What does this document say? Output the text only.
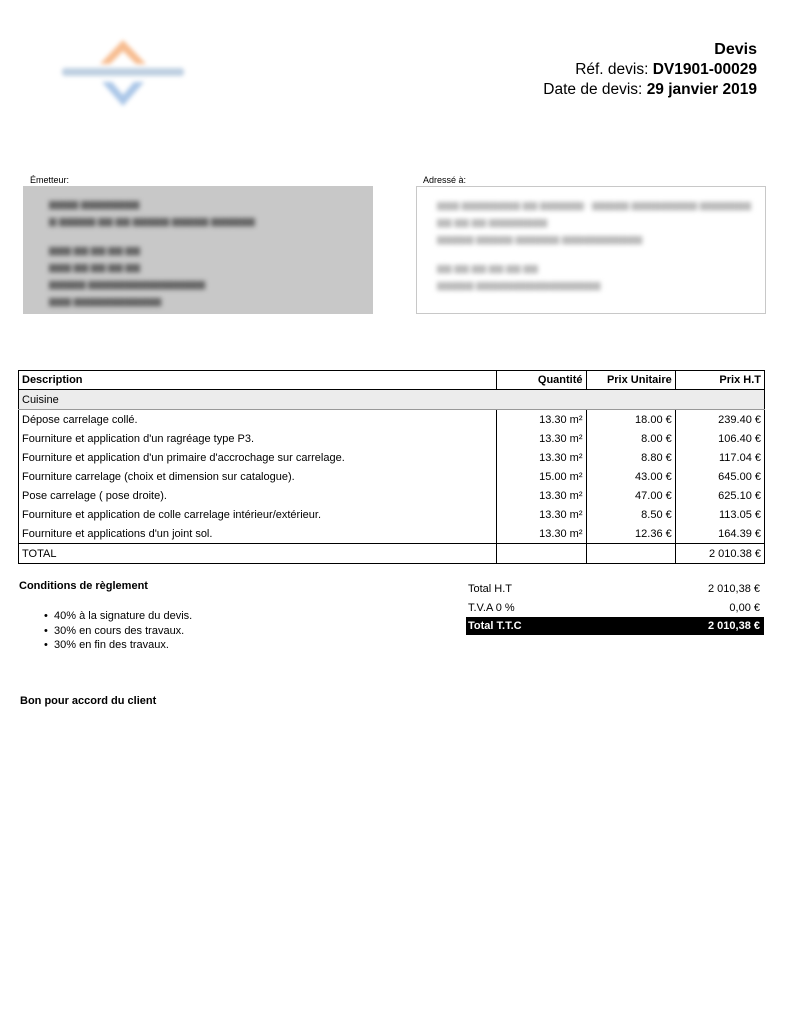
Devis
Réf. devis: DV1901-00029
Date de devis: 29 janvier 2019
Émetteur:
▆▆▆▆ ▆▆▆▆▆▆▆▆
▆ ▆▆▆▆▆ ▆▆ ▆▆ ▆▆▆▆▆ ▆▆▆▆▆ ▆▆▆▆▆▆
▆▆▆ ▆▆ ▆▆ ▆▆ ▆▆
▆▆▆ ▆▆ ▆▆ ▆▆ ▆▆
▆▆▆▆▆ ▆▆▆▆▆▆▆▆▆▆▆▆▆▆▆▆
▆▆▆ ▆▆▆▆▆▆▆▆▆▆▆▆
Adressé à:
▆▆▆ ▆▆▆▆▆▆▆▆ ▆▆ ▆▆▆▆▆▆ - ▆▆▆▆▆ ▆▆▆▆▆▆▆▆▆ ▆▆▆▆▆▆▆
▆▆ ▆▆ ▆▆ ▆▆▆▆▆▆▆▆
▆▆▆▆▆ ▆▆▆▆▆ ▆▆▆▆▆▆ ▆▆▆▆▆▆▆▆▆▆▆
▆▆ ▆▆ ▆▆ ▆▆ ▆▆ ▆▆
▆▆▆▆▆ ▆▆▆▆▆▆▆▆▆▆▆▆▆▆▆▆▆
Description	Quantité	Prix Unitaire	Prix H.T
Cuisine			
Dépose carrelage collé.	13.30 m²	18.00 €	239.40 €
Fourniture et application d'un ragréage type P3.	13.30 m²	8.00 €	106.40 €
Fourniture et application d'un primaire d'accrochage sur carrelage.	13.30 m²	8.80 €	117.04 €
Fourniture carrelage (choix et dimension sur catalogue).	15.00 m²	43.00 €	645.00 €
Pose carrelage ( pose droite).	13.30 m²	47.00 €	625.10 €
Fourniture et application de colle carrelage intérieur/extérieur.	13.30 m²	8.50 €	113.05 €
Fourniture et applications d'un joint sol.	13.30 m²	12.36 €	164.39 €
TOTAL			2 010.38 €
Conditions de règlement
• 40% à la signature du devis.
• 30% en cours des travaux.
• 30% en fin des travaux.
Total H.T	2 010,38 €
T.V.A 0 %	0,00 €
Total T.T.C	2 010,38 €
Bon pour accord du client
